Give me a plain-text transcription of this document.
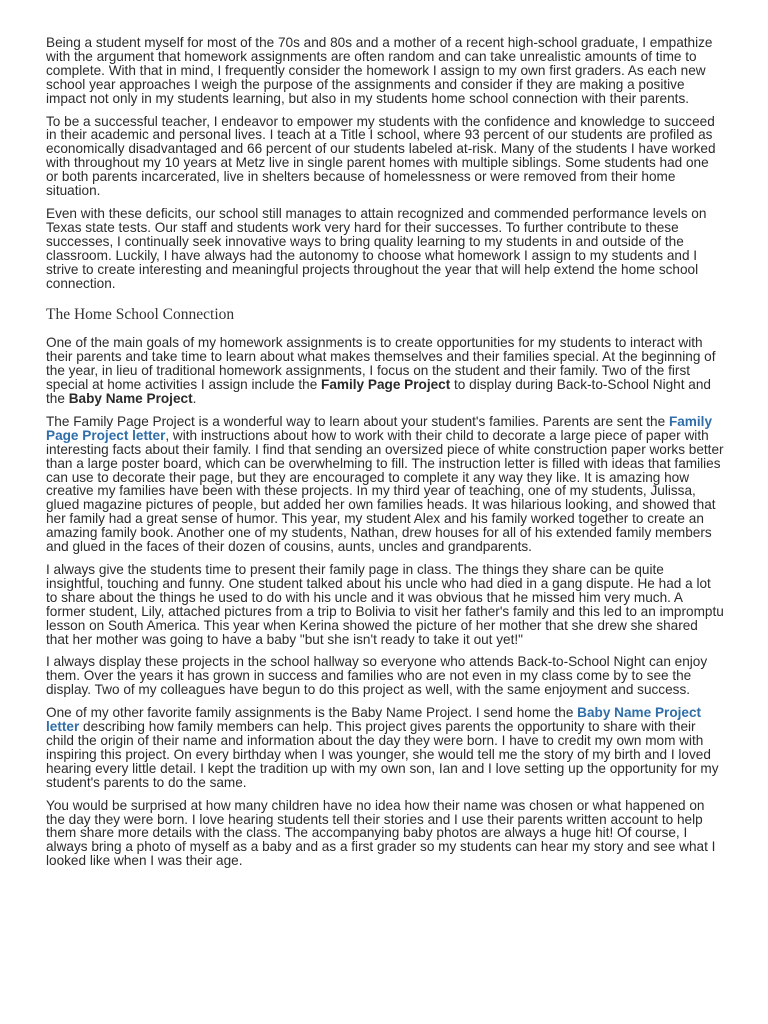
Being a student myself for most of the 70s and 80s and a mother of a recent high-school graduate, I empathize with the argument that homework assignments are often random and can take unrealistic amounts of time to complete. With that in mind, I frequently consider the homework I assign to my own first graders. As each new school year approaches I weigh the purpose of the assignments and consider if they are making a positive impact not only in my students learning, but also in my students home school connection with their parents.

To be a successful teacher, I endeavor to empower my students with the confidence and knowledge to succeed in their academic and personal lives. I teach at a Title I school, where 93 percent of our students are profiled as economically disadvantaged and 66 percent of our students labeled at-risk. Many of the students I have worked with throughout my 10 years at Metz live in single parent homes with multiple siblings. Some students had one or both parents incarcerated, live in shelters because of homelessness or were removed from their home situation.

Even with these deficits, our school still manages to attain recognized and commended performance levels on Texas state tests. Our staff and students work very hard for their successes. To further contribute to these successes, I continually seek innovative ways to bring quality learning to my students in and outside of the classroom. Luckily, I have always had the autonomy to choose what homework I assign to my students and I strive to create interesting and meaningful projects throughout the year that will help extend the home school connection.

The Home School Connection

One of the main goals of my homework assignments is to create opportunities for my students to interact with their parents and take time to learn about what makes themselves and their families special. At the beginning of the year, in lieu of traditional homework assignments, I focus on the student and their family. Two of the first special at home activities I assign include the Family Page Project to display during Back-to-School Night and the Baby Name Project.

The Family Page Project is a wonderful way to learn about your student's families. Parents are sent the Family Page Project letter, with instructions about how to work with their child to decorate a large piece of paper with interesting facts about their family. I find that sending an oversized piece of white construction paper works better than a large poster board, which can be overwhelming to fill. The instruction letter is filled with ideas that families can use to decorate their page, but they are encouraged to complete it any way they like. It is amazing how creative my families have been with these projects. In my third year of teaching, one of my students, Julissa, glued magazine pictures of people, but added her own families heads. It was hilarious looking, and showed that her family had a great sense of humor. This year, my student Alex and his family worked together to create an amazing family book. Another one of my students, Nathan, drew houses for all of his extended family members and glued in the faces of their dozen of cousins, aunts, uncles and grandparents.

I always give the students time to present their family page in class. The things they share can be quite insightful, touching and funny. One student talked about his uncle who had died in a gang dispute. He had a lot to share about the things he used to do with his uncle and it was obvious that he missed him very much. A former student, Lily, attached pictures from a trip to Bolivia to visit her father's family and this led to an impromptu lesson on South America. This year when Kerina showed the picture of her mother that she drew she shared that her mother was going to have a baby "but she isn't ready to take it out yet!"

I always display these projects in the school hallway so everyone who attends Back-to-School Night can enjoy them. Over the years it has grown in success and families who are not even in my class come by to see the display. Two of my colleagues have begun to do this project as well, with the same enjoyment and success.

One of my other favorite family assignments is the Baby Name Project. I send home the Baby Name Project letter describing how family members can help. This project gives parents the opportunity to share with their child the origin of their name and information about the day they were born. I have to credit my own mom with inspiring this project. On every birthday when I was younger, she would tell me the story of my birth and I loved hearing every little detail. I kept the tradition up with my own son, Ian and I love setting up the opportunity for my student's parents to do the same.

You would be surprised at how many children have no idea how their name was chosen or what happened on the day they were born. I love hearing students tell their stories and I use their parents written account to help them share more details with the class. The accompanying baby photos are always a huge hit! Of course, I always bring a photo of myself as a baby and as a first grader so my students can hear my story and see what I looked like when I was their age.
